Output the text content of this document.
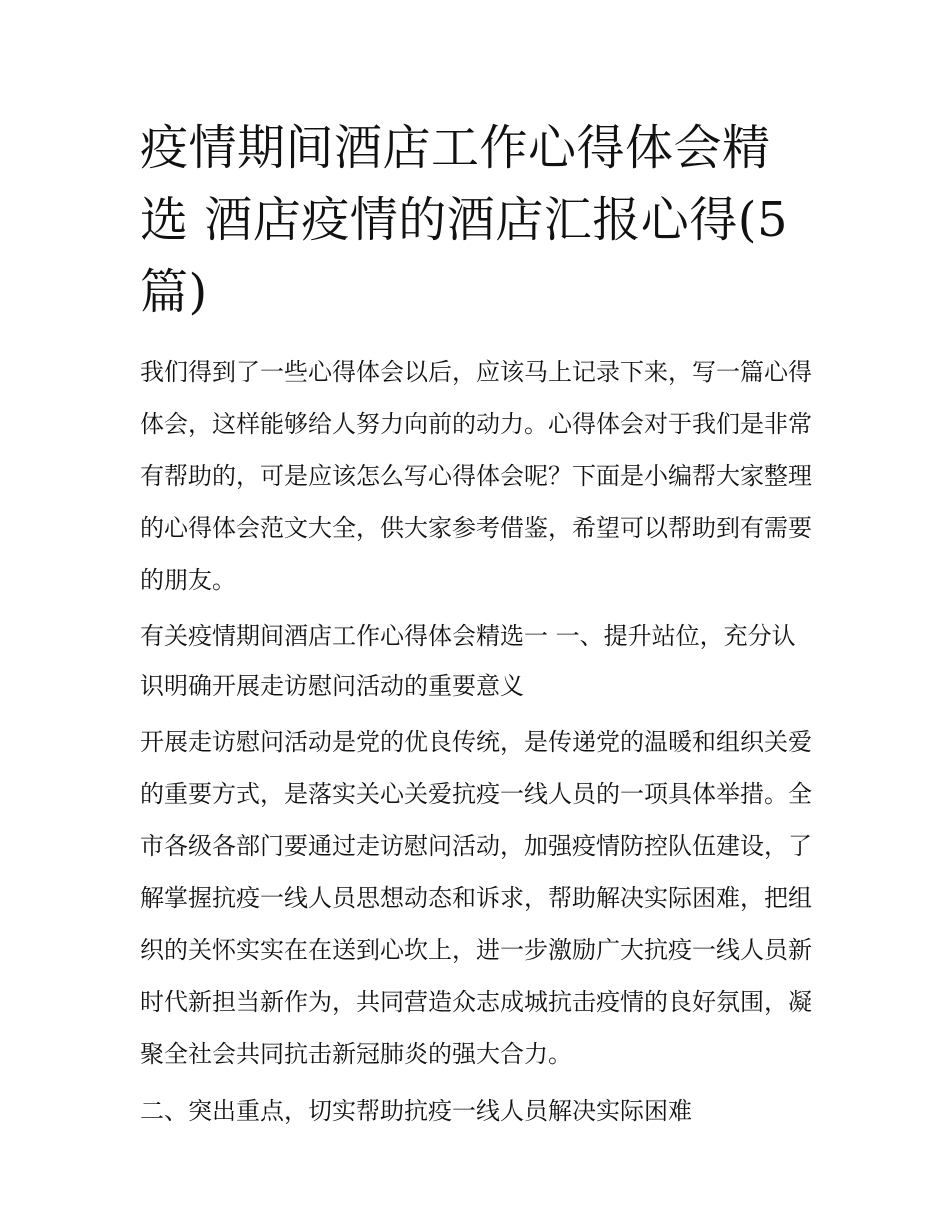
疫情期间酒店工作心得体会精选 酒店疫情的酒店汇报心得(5篇)

我们得到了一些心得体会以后，应该马上记录下来，写一篇心得体会，这样能够给人努力向前的动力。心得体会对于我们是非常有帮助的，可是应该怎么写心得体会呢？下面是小编帮大家整理的心得体会范文大全，供大家参考借鉴，希望可以帮助到有需要的朋友。

有关疫情期间酒店工作心得体会精选一 一、提升站位，充分认识明确开展走访慰问活动的重要意义

开展走访慰问活动是党的优良传统，是传递党的温暖和组织关爱的重要方式，是落实关心关爱抗疫一线人员的一项具体举措。全市各级各部门要通过走访慰问活动，加强疫情防控队伍建设，了解掌握抗疫一线人员思想动态和诉求，帮助解决实际困难，把组织的关怀实实在在送到心坎上，进一步激励广大抗疫一线人员新时代新担当新作为，共同营造众志成城抗击疫情的良好氛围，凝聚全社会共同抗击新冠肺炎的强大合力。

二、突出重点，切实帮助抗疫一线人员解决实际困难
